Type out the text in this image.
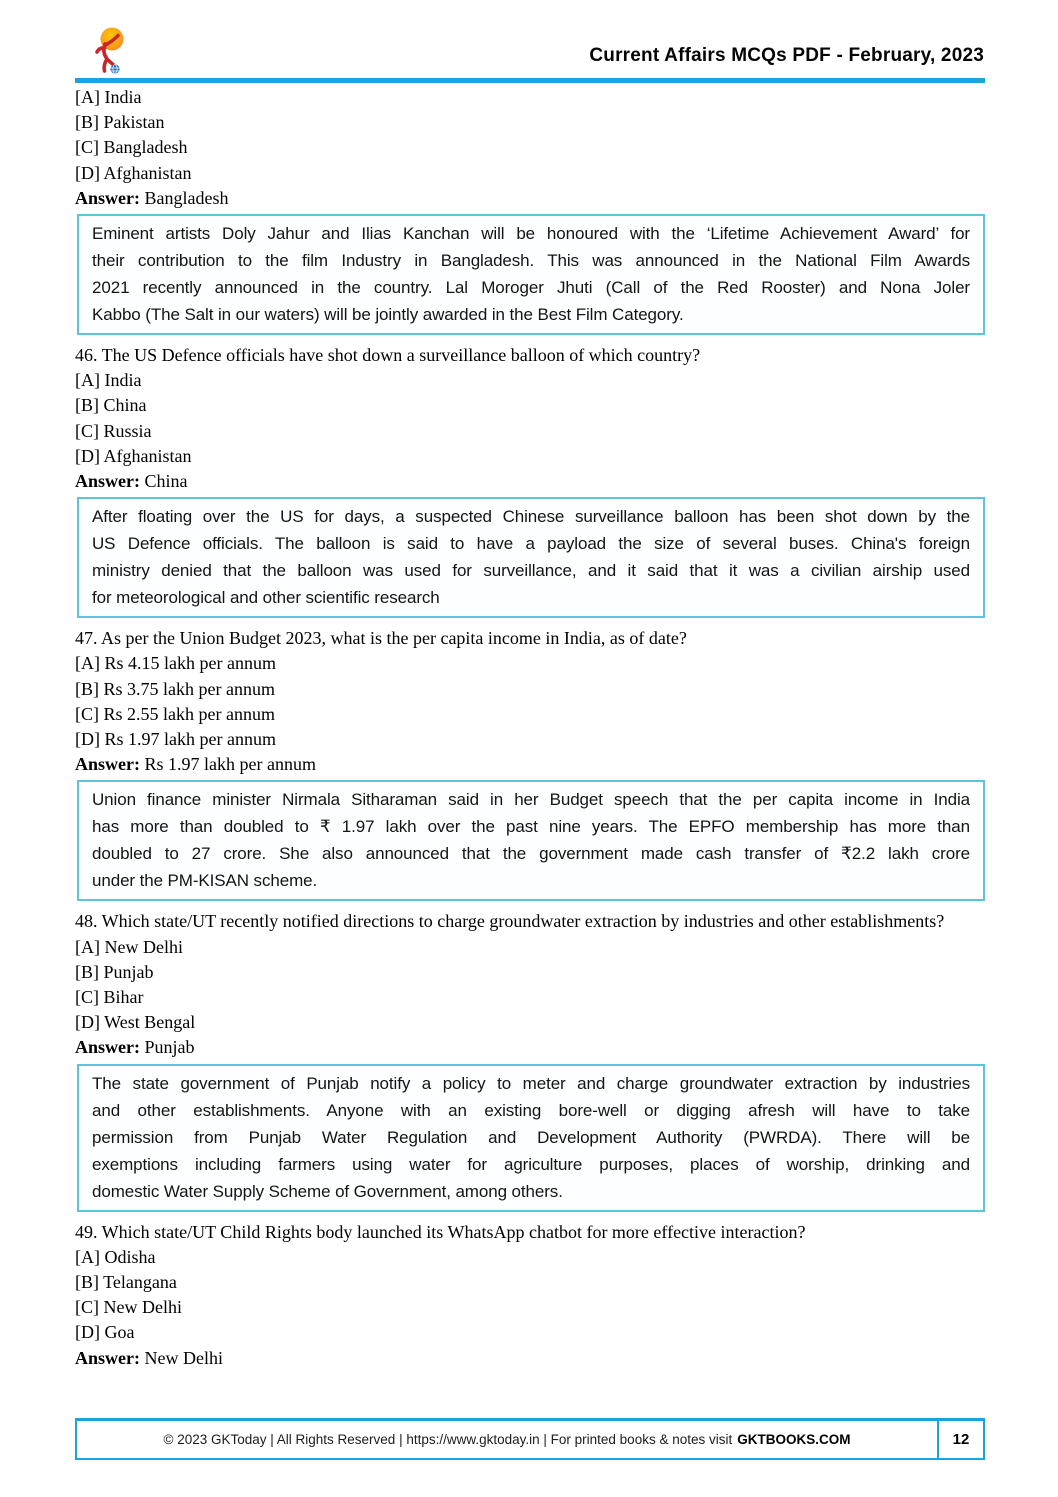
Current Affairs MCQs PDF - February, 2023

[A] India

[B] Pakistan

[C] Bangladesh

[D] Afghanistan

Answer: Bangladesh

Eminent artists Doly Jahur and Ilias Kanchan will be honoured with the ‘Lifetime Achievement Award’ for
their contribution to the film Industry in Bangladesh. This was announced in the National Film Awards
2021 recently announced in the country. Lal Moroger Jhuti (Call of the Red Rooster) and Nona Joler
Kabbo (The Salt in our waters) will be jointly awarded in the Best Film Category.

46. The US Defence officials have shot down a surveillance balloon of which country?

[A] India

[B] China

[C] Russia

[D] Afghanistan

Answer: China

After floating over the US for days, a suspected Chinese surveillance balloon has been shot down by the
US Defence officials. The balloon is said to have a payload the size of several buses. China's foreign
ministry denied that the balloon was used for surveillance, and it said that it was a civilian airship used
for meteorological and other scientific research

47. As per the Union Budget 2023, what is the per capita income in India, as of date?

[A] Rs 4.15 lakh per annum

[B] Rs 3.75 lakh per annum

[C] Rs 2.55 lakh per annum

[D] Rs 1.97 lakh per annum

Answer: Rs 1.97 lakh per annum

Union finance minister Nirmala Sitharaman said in her Budget speech that the per capita income in India
has more than doubled to ₹ 1.97 lakh over the past nine years. The EPFO membership has more than
doubled to 27 crore. She also announced that the government made cash transfer of ₹2.2 lakh crore
under the PM-KISAN scheme.

48. Which state/UT recently notified directions to charge groundwater extraction by industries and other establishments?

[A] New Delhi

[B] Punjab

[C] Bihar

[D] West Bengal

Answer: Punjab

The state government of Punjab notify a policy to meter and charge groundwater extraction by industries
and other establishments. Anyone with an existing bore-well or digging afresh will have to take
permission from Punjab Water Regulation and Development Authority (PWRDA). There will be
exemptions including farmers using water for agriculture purposes, places of worship, drinking and
domestic Water Supply Scheme of Government, among others.

49. Which state/UT Child Rights body launched its WhatsApp chatbot for more effective interaction?

[A] Odisha

[B] Telangana

[C] New Delhi

[D] Goa

Answer: New Delhi

© 2023 GKToday | All Rights Reserved | https://www.gktoday.in | For printed books & notes visit GKTBOOKS.COM	12
